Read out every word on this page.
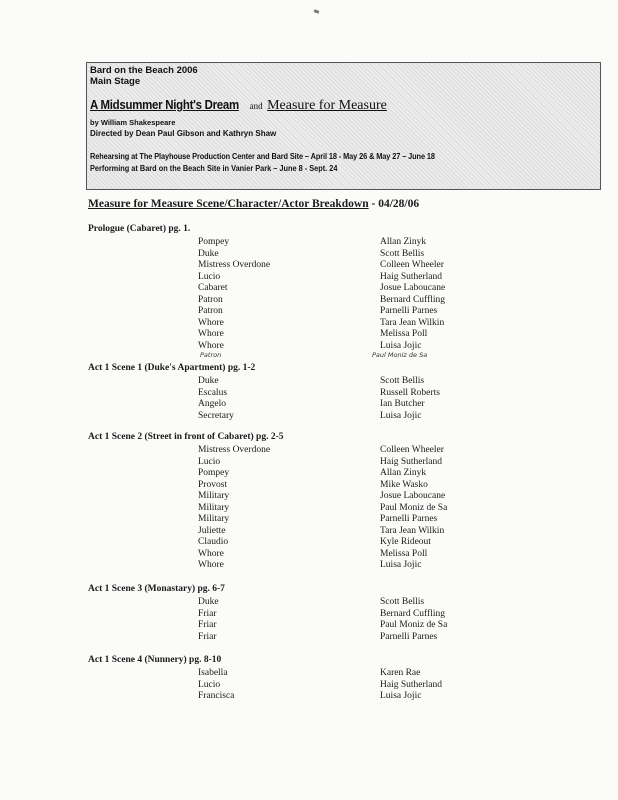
Bard on the Beach 2006
Main Stage
A Midsummer Night's Dream and Measure for Measure
by William Shakespeare
Directed by Dean Paul Gibson and Kathryn Shaw
Rehearsing at The Playhouse Production Center and Bard Site – April 18 - May 26 & May 27 – June 18
Performing at Bard on the Beach Site in Vanier Park – June 8 - Sept. 24
Measure for Measure Scene/Character/Actor Breakdown - 04/28/06
Prologue (Cabaret) pg. 1.
Pompey	Allan Zinyk
Duke	Scott Bellis
Mistress Overdone	Colleen Wheeler
Lucio	Haig Sutherland
Cabaret	Josue Laboucane
Patron	Bernard Cuffling
Patron	Parnelli Parnes
Whore	Tara Jean Wilkin
Whore	Melissa Poll
Whore	Luisa Jojic
Patron	Paul Moniz de Sa
Act 1 Scene 1 (Duke's Apartment) pg. 1-2
Duke	Scott Bellis
Escalus	Russell Roberts
Angelo	Ian Butcher
Secretary	Luisa Jojic
Act 1 Scene 2 (Street in front of Cabaret) pg. 2-5
Mistress Overdone	Colleen Wheeler
Lucio	Haig Sutherland
Pompey	Allan Zinyk
Provost	Mike Wasko
Military	Josue Laboucane
Military	Paul Moniz de Sa
Military	Parnelli Parnes
Juliette	Tara Jean Wilkin
Claudio	Kyle Rideout
Whore	Melissa Poll
Whore	Luisa Jojic
Act 1 Scene 3 (Monastary) pg. 6-7
Duke	Scott Bellis
Friar	Bernard Cuffling
Friar	Paul Moniz de Sa
Friar	Parnelli Parnes
Act 1 Scene 4 (Nunnery) pg. 8-10
Isabella	Karen Rae
Lucio	Haig Sutherland
Francisca	Luisa Jojic
